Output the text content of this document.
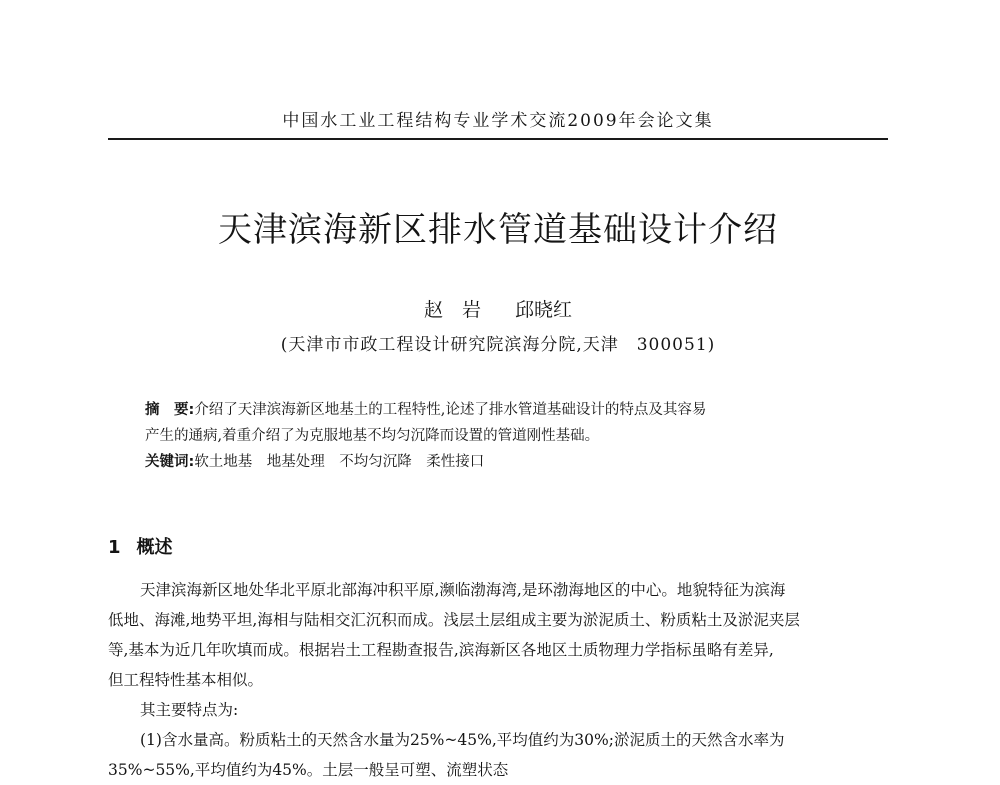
中国水工业工程结构专业学术交流2009年会论文集
天津滨海新区排水管道基础设计介绍
赵　岩 邱晓红
(天津市市政工程设计研究院滨海分院,天津　300051)
摘　要:介绍了天津滨海新区地基土的工程特性,论述了排水管道基础设计的特点及其容易
产生的通病,着重介绍了为克服地基不均匀沉降而设置的管道刚性基础。
关键词:软土地基　地基处理　不均匀沉降　柔性接口
1 概述
天津滨海新区地处华北平原北部海冲积平原,濒临渤海湾,是环渤海地区的中心。地貌特征为滨海
低地、海滩,地势平坦,海相与陆相交汇沉积而成。浅层土层组成主要为淤泥质土、粉质粘土及淤泥夹层
等,基本为近几年吹填而成。根据岩土工程勘查报告,滨海新区各地区土质物理力学指标虽略有差异,
但工程特性基本相似。
其主要特点为:
(1)含水量高。粉质粘土的天然含水量为25%~45%,平均值约为30%;淤泥质土的天然含水率为
35%~55%,平均值约为45%。土层一般呈可塑、流塑状态
